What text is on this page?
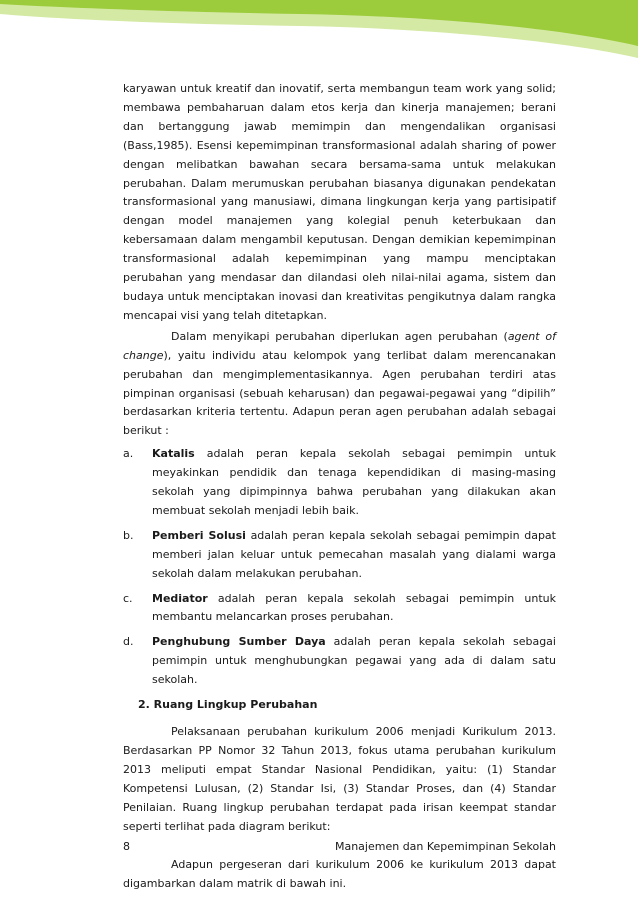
karyawan untuk kreatif dan inovatif, serta membangun team work yang solid; membawa pembaharuan dalam etos kerja dan kinerja manajemen; berani dan bertanggung jawab memimpin dan mengendalikan organisasi (Bass,1985). Esensi kepemimpinan transformasional adalah sharing of power dengan melibatkan bawahan secara bersama-sama untuk melakukan perubahan. Dalam merumuskan perubahan biasanya digunakan pendekatan transformasional yang manusiawi, dimana lingkungan kerja yang partisipatif dengan model manajemen yang kolegial penuh keterbukaan dan kebersamaan dalam mengambil keputusan. Dengan demikian kepemimpinan transformasional adalah kepemimpinan yang mampu menciptakan perubahan yang mendasar dan dilandasi oleh nilai-nilai agama, sistem dan budaya untuk menciptakan inovasi dan kreativitas pengikutnya dalam rangka mencapai visi yang telah ditetapkan.

Dalam menyikapi perubahan diperlukan agen perubahan (agent of change), yaitu individu atau kelompok yang terlibat dalam merencanakan perubahan dan mengimplementasikannya. Agen perubahan terdiri atas pimpinan organisasi (sebuah keharusan) dan pegawai-pegawai yang “dipilih” berdasarkan kriteria tertentu. Adapun peran agen perubahan adalah sebagai berikut :

a. Katalis adalah peran kepala sekolah sebagai pemimpin untuk meyakinkan pendidik dan tenaga kependidikan di masing-masing sekolah yang dipimpinnya bahwa perubahan yang dilakukan akan membuat sekolah menjadi lebih baik.
b. Pemberi Solusi adalah peran kepala sekolah sebagai pemimpin dapat memberi jalan keluar untuk pemecahan masalah yang dialami warga sekolah dalam melakukan perubahan.
c. Mediator adalah peran kepala sekolah sebagai pemimpin untuk membantu melancarkan proses perubahan.
d. Penghubung Sumber Daya adalah peran kepala sekolah sebagai pemimpin untuk menghubungkan pegawai yang ada di dalam satu sekolah.
2. Ruang Lingkup Perubahan

Pelaksanaan perubahan kurikulum 2006 menjadi Kurikulum 2013. Berdasarkan PP Nomor 32 Tahun 2013, fokus utama perubahan kurikulum 2013 meliputi empat Standar Nasional Pendidikan, yaitu: (1) Standar Kompetensi Lulusan, (2) Standar Isi, (3) Standar Proses, dan (4) Standar Penilaian. Ruang lingkup perubahan terdapat pada irisan keempat standar seperti terlihat pada diagram berikut:

Adapun pergeseran dari kurikulum 2006 ke kurikulum 2013 dapat digambarkan dalam matrik di bawah ini.

8	Manajemen dan Kepemimpinan Sekolah
